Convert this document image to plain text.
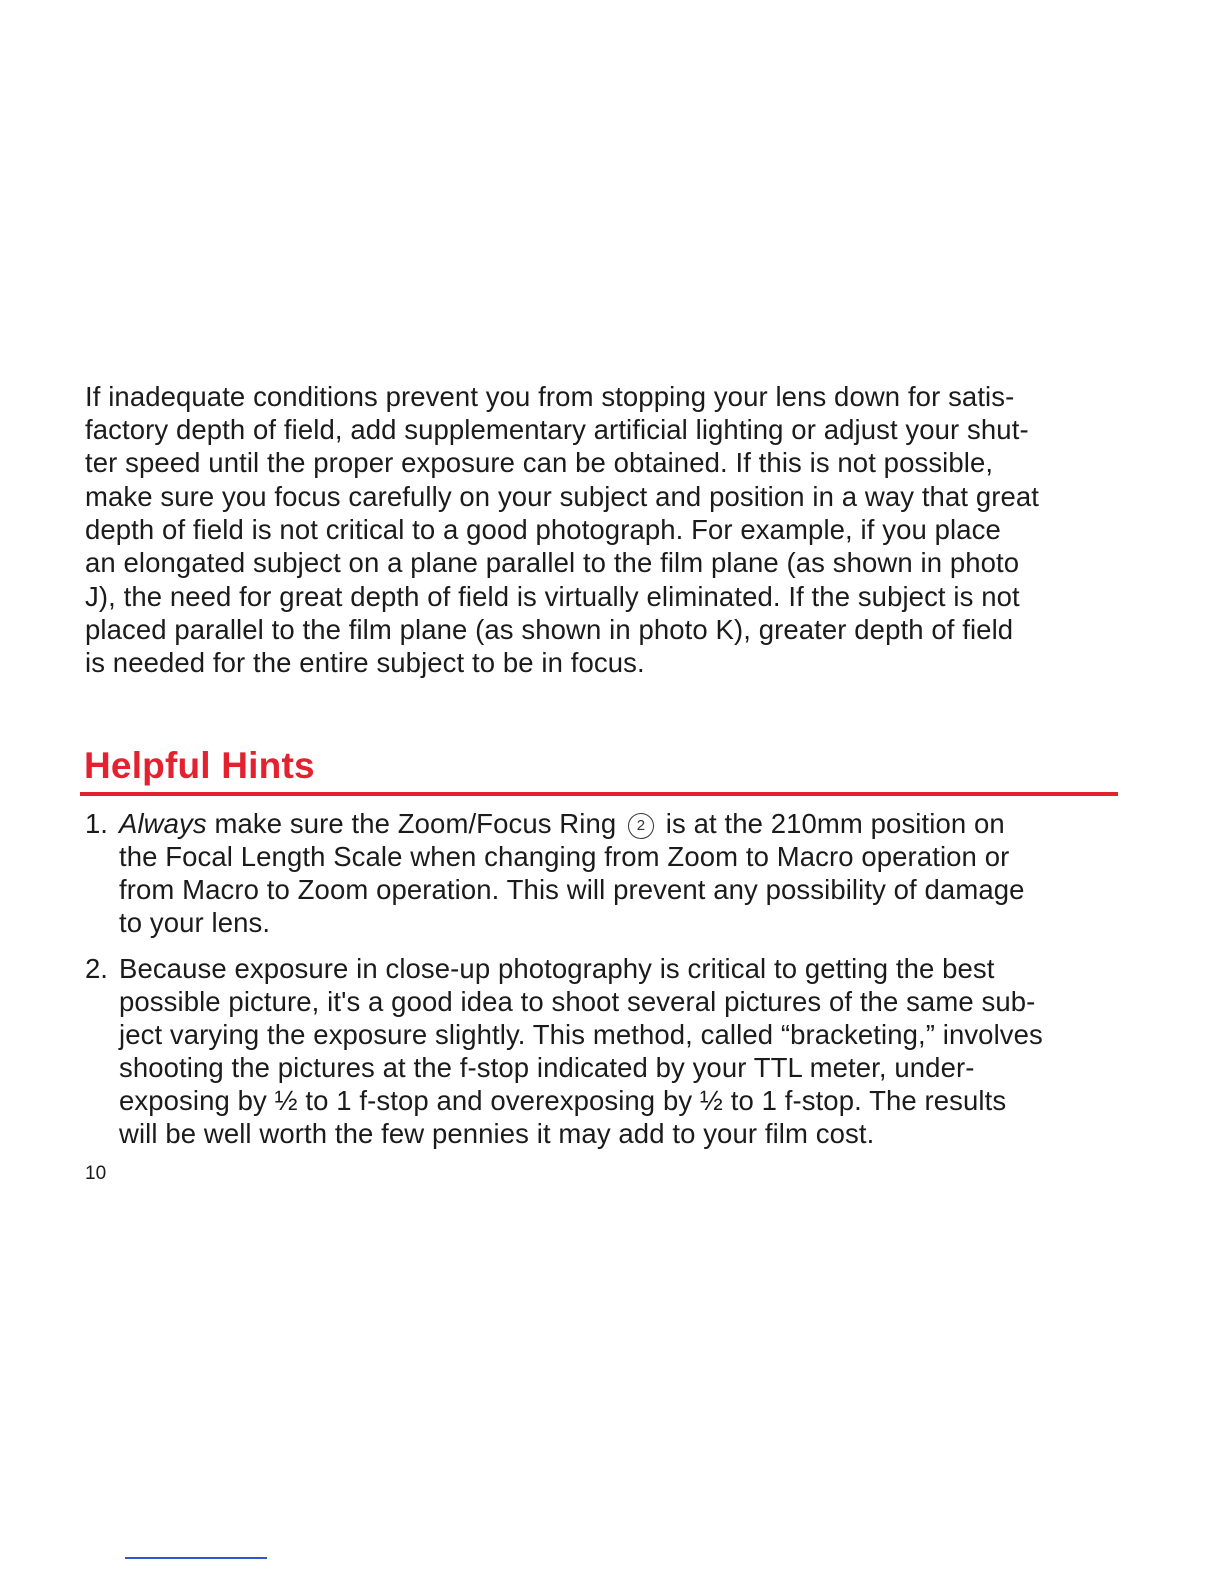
If inadequate conditions prevent you from stopping your lens down for satis-
factory depth of field, add supplementary artificial lighting or adjust your shut-
ter speed until the proper exposure can be obtained. If this is not possible,
make sure you focus carefully on your subject and position in a way that great
depth of field is not critical to a good photograph. For example, if you place
an elongated subject on a plane parallel to the film plane (as shown in photo
J), the need for great depth of field is virtually eliminated. If the subject is not
placed parallel to the film plane (as shown in photo K), greater depth of field
is needed for the entire subject to be in focus.
Helpful Hints
1. Always make sure the Zoom/Focus Ring 2 is at the 210mm position on
the Focal Length Scale when changing from Zoom to Macro operation or
from Macro to Zoom operation. This will prevent any possibility of damage
to your lens.
2. Because exposure in close-up photography is critical to getting the best
possible picture, it's a good idea to shoot several pictures of the same sub-
ject varying the exposure slightly. This method, called “bracketing,” involves
shooting the pictures at the f-stop indicated by your TTL meter, under-
exposing by ½ to 1 f-stop and overexposing by ½ to 1 f-stop. The results
will be well worth the few pennies it may add to your film cost.
10
